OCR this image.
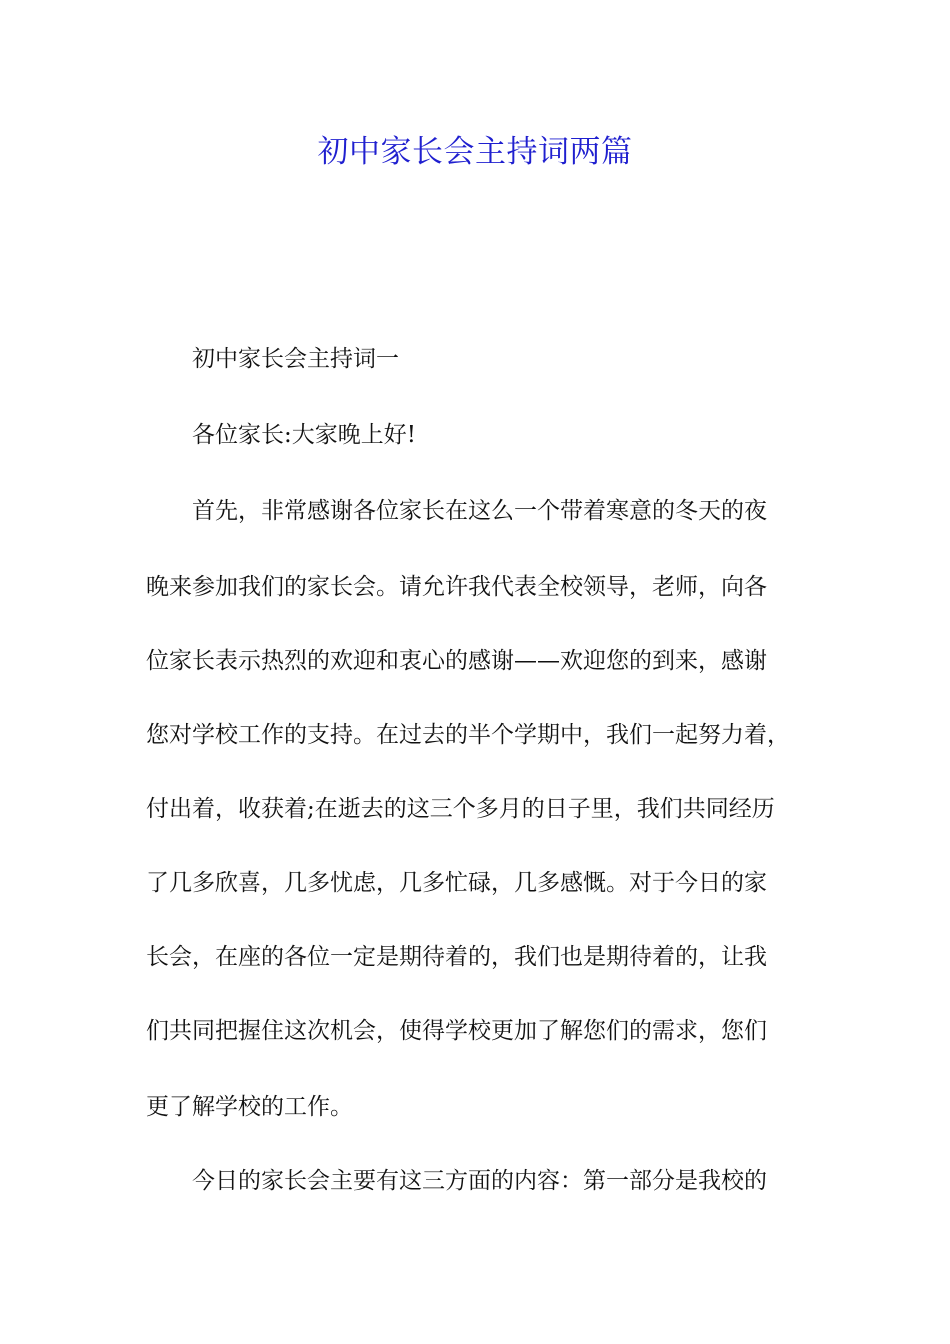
初中家长会主持词两篇
初中家长会主持词一
各位家长:大家晚上好!
首先，非常感谢各位家长在这么一个带着寒意的冬天的夜
晚来参加我们的家长会。请允许我代表全校领导，老师，向各
位家长表示热烈的欢迎和衷心的感谢——欢迎您的到来，感谢
您对学校工作的支持。在过去的半个学期中，我们一起努力着，
付出着，收获着;在逝去的这三个多月的日子里，我们共同经历
了几多欣喜，几多忧虑，几多忙碌，几多感慨。对于今日的家
长会，在座的各位一定是期待着的，我们也是期待着的，让我
们共同把握住这次机会，使得学校更加了解您们的需求，您们
更了解学校的工作。
今日的家长会主要有这三方面的内容：第一部分是我校的
